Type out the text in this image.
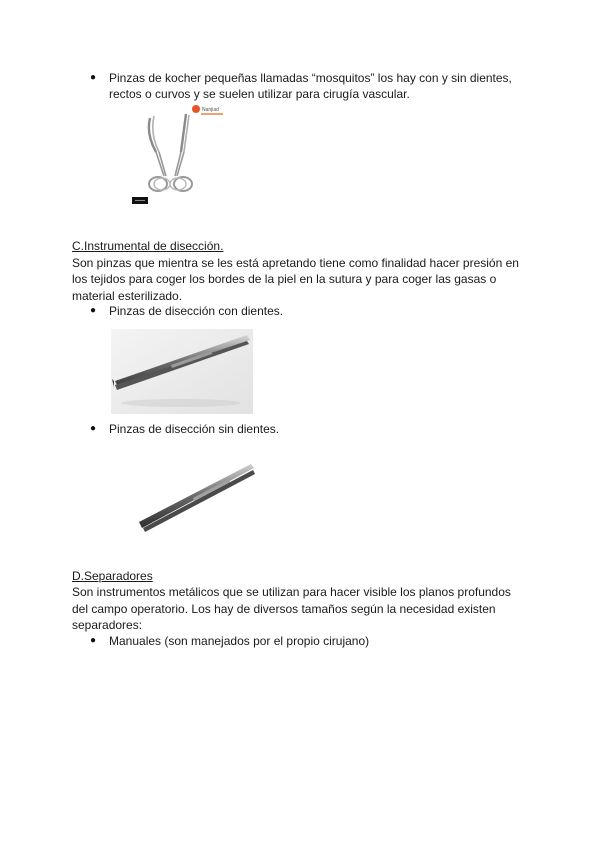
● Pinzas de kocher pequeñas llamadas “mosquitos” los hay con y sin dientes,
rectos o curvos y se suelen utilizar para cirugía vascular.
Nanjiad
C.Instrumental de disección.
Son pinzas que mientra se les está apretando tiene como finalidad hacer presión en
los tejidos para coger los bordes de la piel en la sutura y para coger las gasas o
material esterilizado.
● Pinzas de disección con dientes.
● Pinzas de disección sin dientes.
D.Separadores
Son instrumentos metálicos que se utilizan para hacer visible los planos profundos
del campo operatorio. Los hay de diversos tamaños según la necesidad existen
separadores:
● Manuales (son manejados por el propio cirujano)
